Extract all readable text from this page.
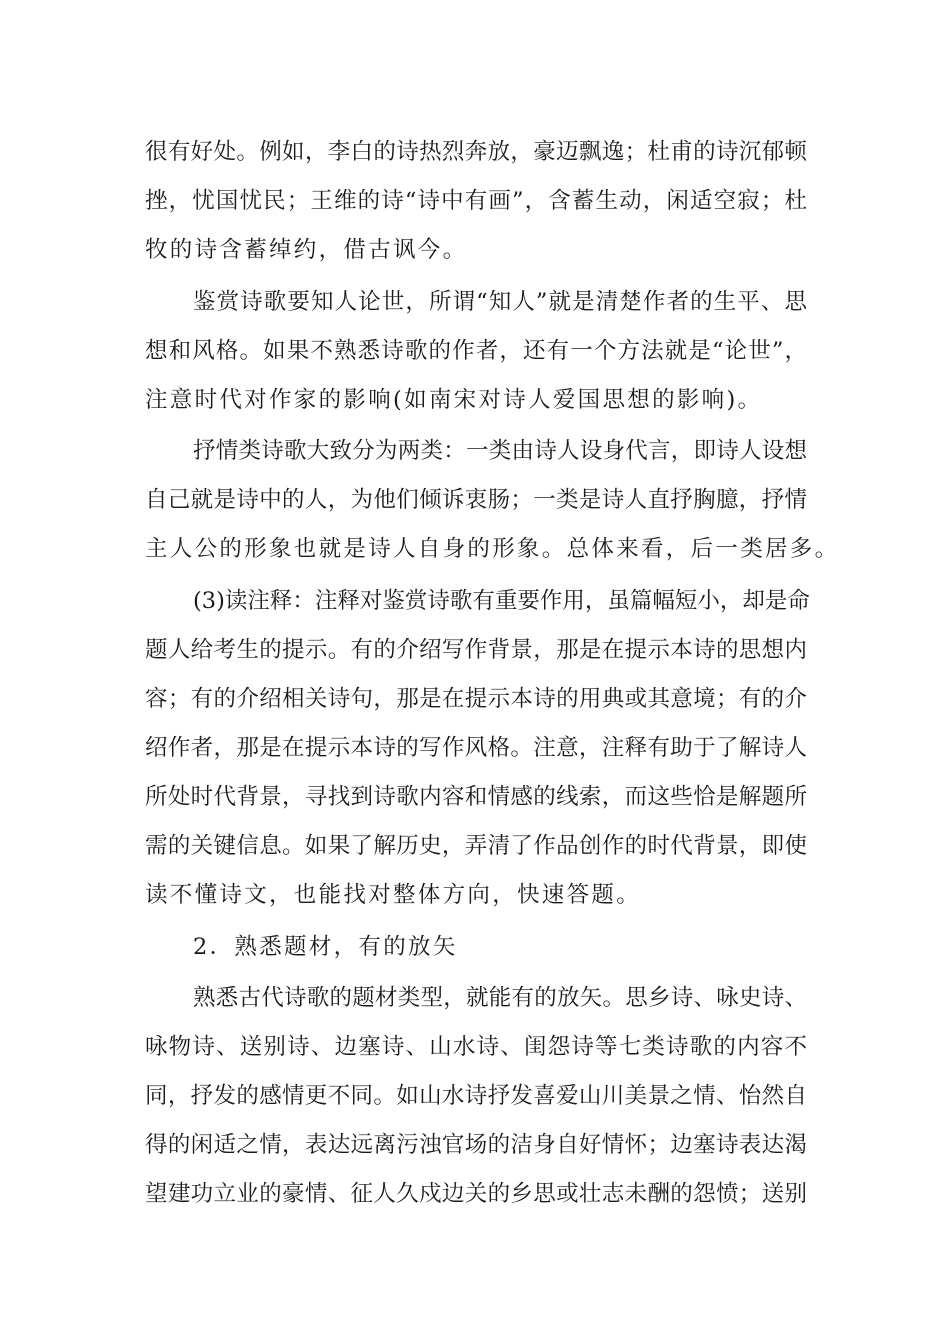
很有好处。例如，李白的诗热烈奔放，豪迈飘逸；杜甫的诗沉郁顿
挫，忧国忧民；王维的诗“诗中有画”，含蓄生动，闲适空寂；杜
牧的诗含蓄绰约，借古讽今。
鉴赏诗歌要知人论世，所谓“知人”就是清楚作者的生平、思
想和风格。如果不熟悉诗歌的作者，还有一个方法就是“论世”，
注意时代对作家的影响(如南宋对诗人爱国思想的影响)。
抒情类诗歌大致分为两类：一类由诗人设身代言，即诗人设想
自己就是诗中的人，为他们倾诉衷肠；一类是诗人直抒胸臆，抒情
主人公的形象也就是诗人自身的形象。总体来看，后一类居多。
(3)读注释：注释对鉴赏诗歌有重要作用，虽篇幅短小，却是命
题人给考生的提示。有的介绍写作背景，那是在提示本诗的思想内
容；有的介绍相关诗句，那是在提示本诗的用典或其意境；有的介
绍作者，那是在提示本诗的写作风格。注意，注释有助于了解诗人
所处时代背景，寻找到诗歌内容和情感的线索，而这些恰是解题所
需的关键信息。如果了解历史，弄清了作品创作的时代背景，即使
读不懂诗文，也能找对整体方向，快速答题。
2．熟悉题材，有的放矢
熟悉古代诗歌的题材类型，就能有的放矢。思乡诗、咏史诗、
咏物诗、送别诗、边塞诗、山水诗、闺怨诗等七类诗歌的内容不
同，抒发的感情更不同。如山水诗抒发喜爱山川美景之情、怡然自
得的闲适之情，表达远离污浊官场的洁身自好情怀；边塞诗表达渴
望建功立业的豪情、征人久戍边关的乡思或壮志未酬的怨愤；送别
